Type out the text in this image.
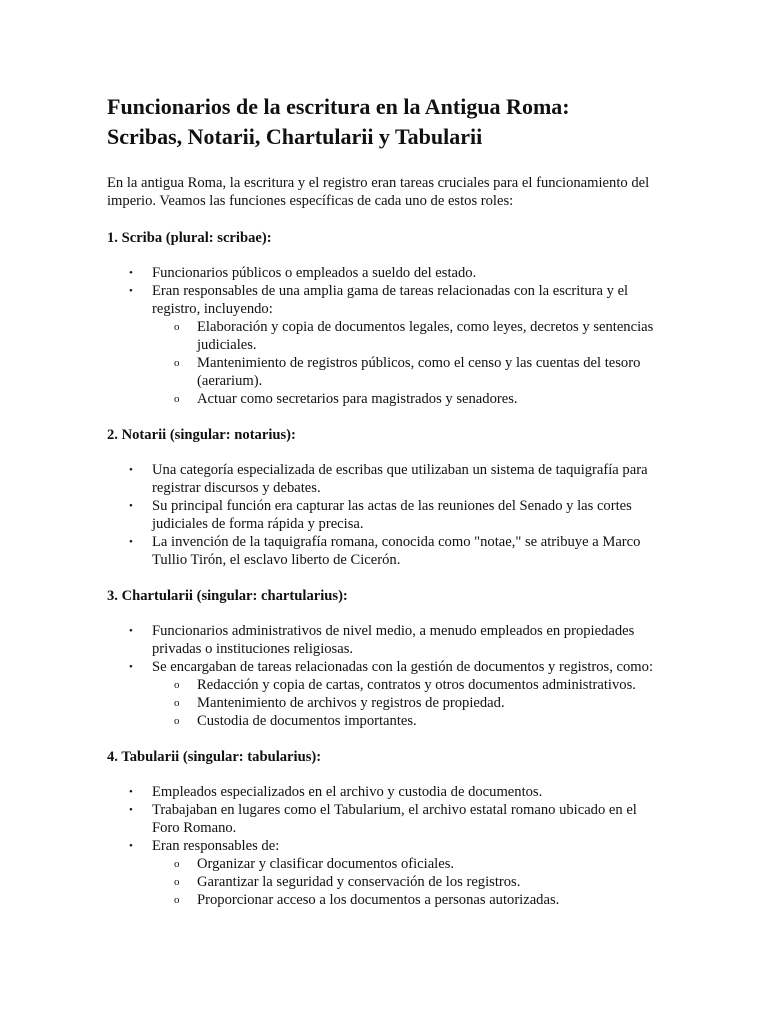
Funcionarios de la escritura en la Antigua Roma:
Scribas, Notarii, Chartularii y Tabularii

En la antigua Roma, la escritura y el registro eran tareas cruciales para el funcionamiento del imperio. Veamos las funciones específicas de cada uno de estos roles:

1. Scriba (plural: scribae):
• Funcionarios públicos o empleados a sueldo del estado.
• Eran responsables de una amplia gama de tareas relacionadas con la escritura y el registro, incluyendo:
o Elaboración y copia de documentos legales, como leyes, decretos y sentencias judiciales.
o Mantenimiento de registros públicos, como el censo y las cuentas del tesoro (aerarium).
o Actuar como secretarios para magistrados y senadores.
2. Notarii (singular: notarius):
• Una categoría especializada de escribas que utilizaban un sistema de taquigrafía para registrar discursos y debates.
• Su principal función era capturar las actas de las reuniones del Senado y las cortes judiciales de forma rápida y precisa.
• La invención de la taquigrafía romana, conocida como "notae," se atribuye a Marco Tullio Tirón, el esclavo liberto de Cicerón.
3. Chartularii (singular: chartularius):
• Funcionarios administrativos de nivel medio, a menudo empleados en propiedades privadas o instituciones religiosas.
• Se encargaban de tareas relacionadas con la gestión de documentos y registros, como:
o Redacción y copia de cartas, contratos y otros documentos administrativos.
o Mantenimiento de archivos y registros de propiedad.
o Custodia de documentos importantes.
4. Tabularii (singular: tabularius):
• Empleados especializados en el archivo y custodia de documentos.
• Trabajaban en lugares como el Tabularium, el archivo estatal romano ubicado en el Foro Romano.
• Eran responsables de:
o Organizar y clasificar documentos oficiales.
o Garantizar la seguridad y conservación de los registros.
o Proporcionar acceso a los documentos a personas autorizadas.
